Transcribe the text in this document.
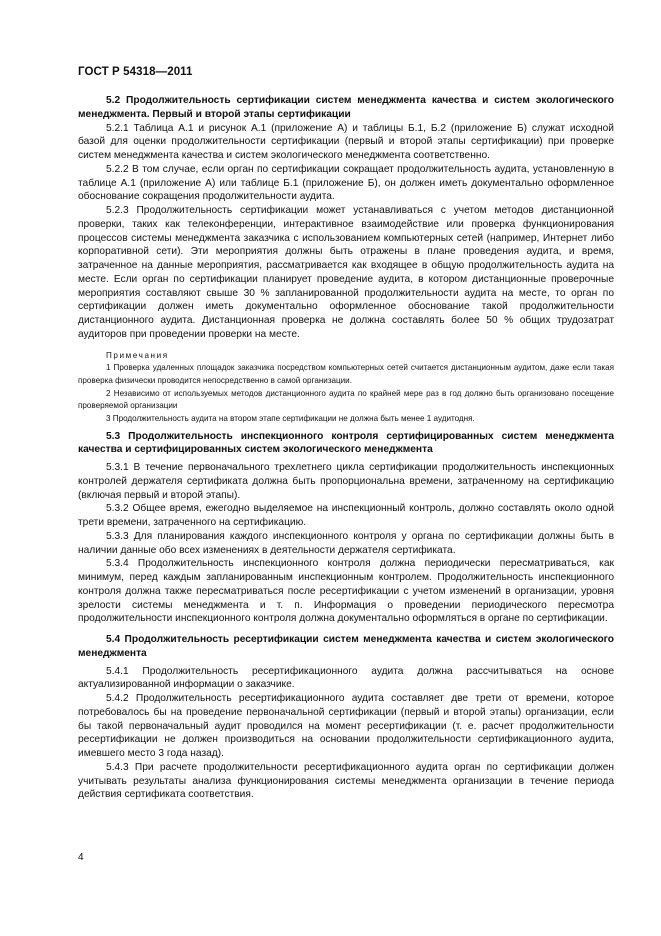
ГОСТ Р 54318—2011

5.2 Продолжительность сертификации систем менеджмента качества и систем экологического менеджмента. Первый и второй этапы сертификации

5.2.1 Таблица А.1 и рисунок А.1 (приложение А) и таблицы Б.1, Б.2 (приложение Б) служат исходной базой для оценки продолжительности сертификации (первый и второй этапы сертификации) при проверке систем менеджмента качества и систем экологического менеджмента соответственно.

5.2.2 В том случае, если орган по сертификации сокращает продолжительность аудита, установленную в таблице А.1 (приложение А) или таблице Б.1 (приложение Б), он должен иметь документально оформленное обоснование сокращения продолжительности аудита.

5.2.3 Продолжительность сертификации может устанавливаться с учетом методов дистанционной проверки, таких как телеконференции, интерактивное взаимодействие или проверка функционирования процессов системы менеджмента заказчика с использованием компьютерных сетей (например, Интернет либо корпоративной сети). Эти мероприятия должны быть отражены в плане проведения аудита, и время, затраченное на данные мероприятия, рассматривается как входящее в общую продолжительность аудита на месте. Если орган по сертификации планирует проведение аудита, в котором дистанционные проверочные мероприятия составляют свыше 30 % запланированной продолжительности аудита на месте, то орган по сертификации должен иметь документально оформленное обоснование такой продолжительности дистанционного аудита. Дистанционная проверка не должна составлять более 50 % общих трудозатрат аудиторов при проведении проверки на месте.

Примечания

1 Проверка удаленных площадок заказчика посредством компьютерных сетей считается дистанционным аудитом, даже если такая проверка физически проводится непосредственно в самой организации.

2 Независимо от используемых методов дистанционного аудита по крайней мере раз в год должно быть организовано посещение проверяемой организации

3 Продолжительность аудита на втором этапе сертификации не должна быть менее 1 аудитодня.

5.3 Продолжительность инспекционного контроля сертифицированных систем менеджмента качества и сертифицированных систем экологического менеджмента

5.3.1 В течение первоначального трехлетнего цикла сертификации продолжительность инспекционных контролей держателя сертификата должна быть пропорциональна времени, затраченному на сертификацию (включая первый и второй этапы).

5.3.2 Общее время, ежегодно выделяемое на инспекционный контроль, должно составлять около одной трети времени, затраченного на сертификацию.

5.3.3 Для планирования каждого инспекционного контроля у органа по сертификации должны быть в наличии данные обо всех изменениях в деятельности держателя сертификата.

5.3.4 Продолжительность инспекционного контроля должна периодически пересматриваться, как минимум, перед каждым запланированным инспекционным контролем. Продолжительность инспекционного контроля должна также пересматриваться после ресертификации с учетом изменений в организации, уровня зрелости системы менеджмента и т. п. Информация о проведении периодического пересмотра продолжительности инспекционного контроля должна документально оформляться в органе по сертификации.

5.4 Продолжительность ресертификации систем менеджмента качества и систем экологического менеджмента

5.4.1 Продолжительность ресертификационного аудита должна рассчитываться на основе актуализированной информации о заказчике.

5.4.2 Продолжительность ресертификационного аудита составляет две трети от времени, которое потребовалось бы на проведение первоначальной сертификации (первый и второй этапы) организации, если бы такой первоначальный аудит проводился на момент ресертификации (т. е. расчет продолжительности ресертификации не должен производиться на основании продолжительности сертификационного аудита, имевшего место 3 года назад).

5.4.3 При расчете продолжительности ресертификационного аудита орган по сертификации должен учитывать результаты анализа функционирования системы менеджмента организации в течение периода действия сертификата соответствия.

4
